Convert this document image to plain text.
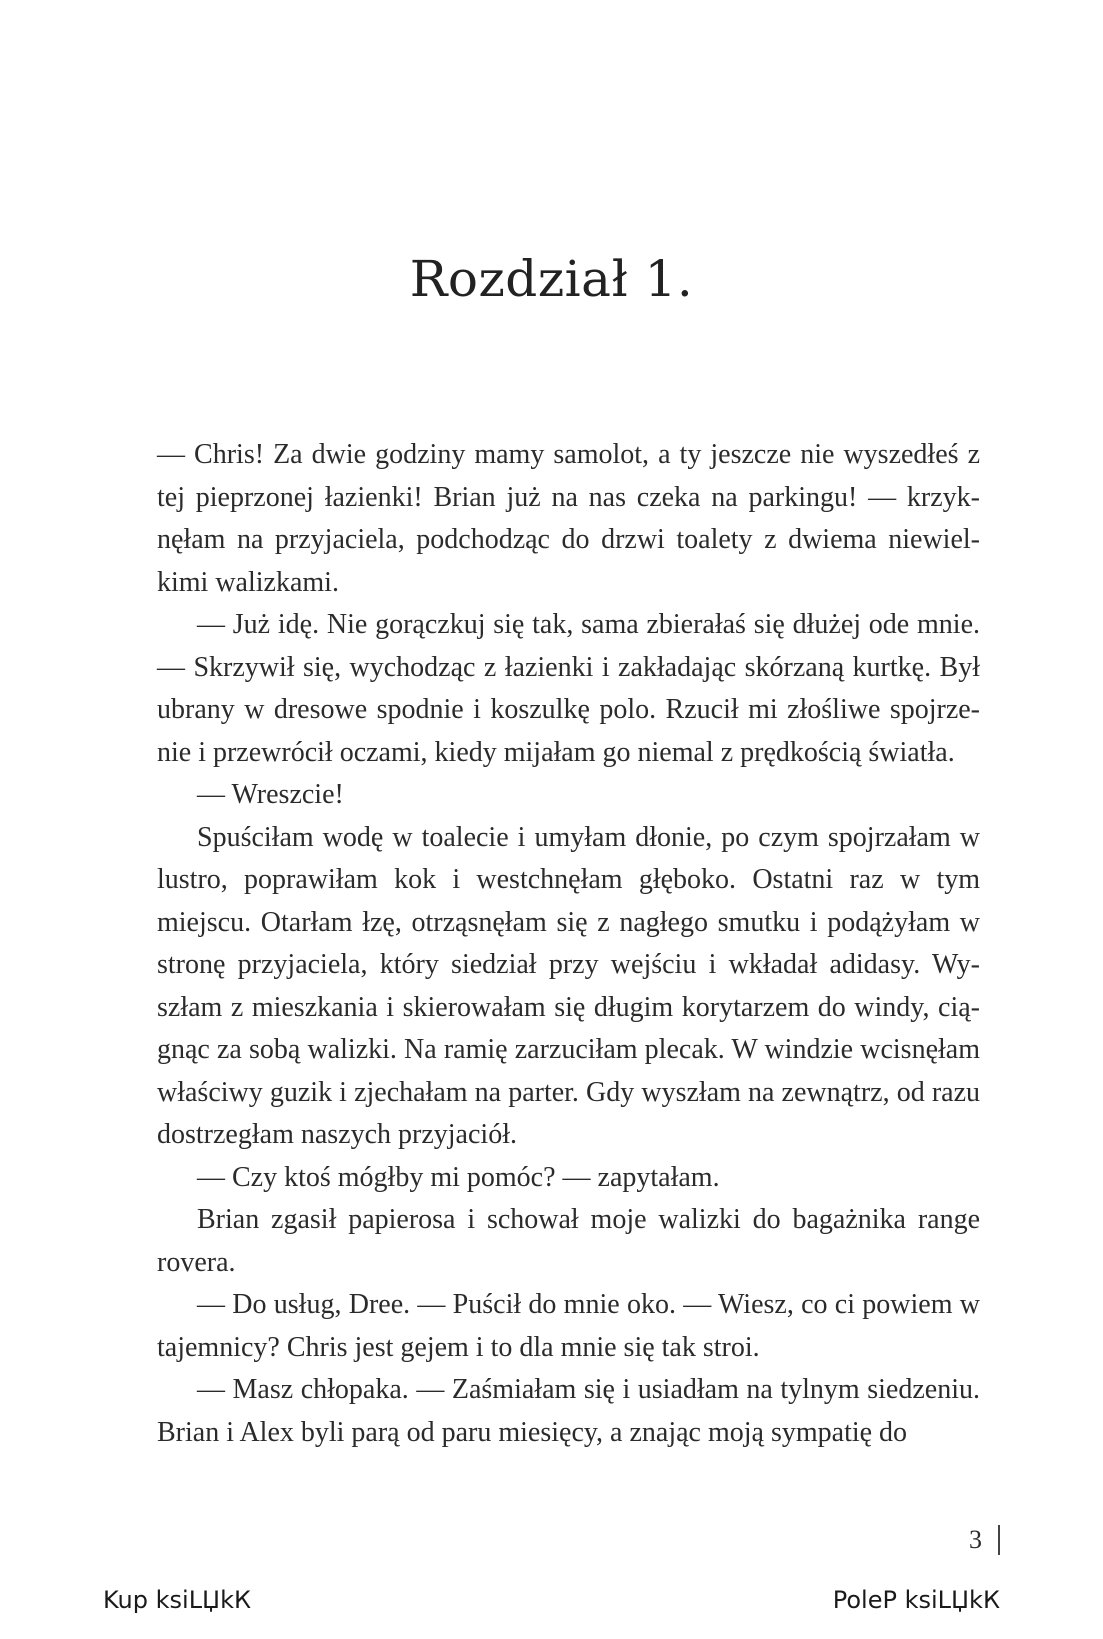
Rozdział 1.

— Chris! Za dwie godziny mamy samolot, a ty jeszcze nie wyszedłeś z tej pieprzonej łazienki! Brian już na nas czeka na parkingu! — krzyknęłam na przyjaciela, podchodząc do drzwi toalety z dwiema niewielkimi walizkami.

— Już idę. Nie gorączkuj się tak, sama zbierałaś się dłużej ode mnie. — Skrzywił się, wychodząc z łazienki i zakładając skórzaną kurtkę. Był ubrany w dresowe spodnie i koszulkę polo. Rzucił mi złośliwe spojrzenie i przewrócił oczami, kiedy mijałam go niemal z prędkością światła.

— Wreszcie!

Spuściłam wodę w toalecie i umyłam dłonie, po czym spojrzałam w lustro, poprawiłam kok i westchnęłam głęboko. Ostatni raz w tym miejscu. Otarłam łzę, otrząsnęłam się z nagłego smutku i podążyłam w stronę przyjaciela, który siedział przy wejściu i wkładał adidasy. Wyszłam z mieszkania i skierowałam się długim korytarzem do windy, ciągnąc za sobą walizki. Na ramię zarzuciłam plecak. W windzie wcisnęłam właściwy guzik i zjechałam na parter. Gdy wyszłam na zewnątrz, od razu dostrzegłam naszych przyjaciół.

— Czy ktoś mógłby mi pomóc? — zapytałam.

Brian zgasił papierosa i schował moje walizki do bagażnika range rovera.

— Do usług, Dree. — Puścił do mnie oko. — Wiesz, co ci powiem w tajemnicy? Chris jest gejem i to dla mnie się tak stroi.

— Masz chłopaka. — Zaśmiałam się i usiadłam na tylnym siedzeniu. Brian i Alex byli parą od paru miesięcy, a znając moją sympatię do

3
Kup ksiLЏkК	PoleР ksiLЏkК
